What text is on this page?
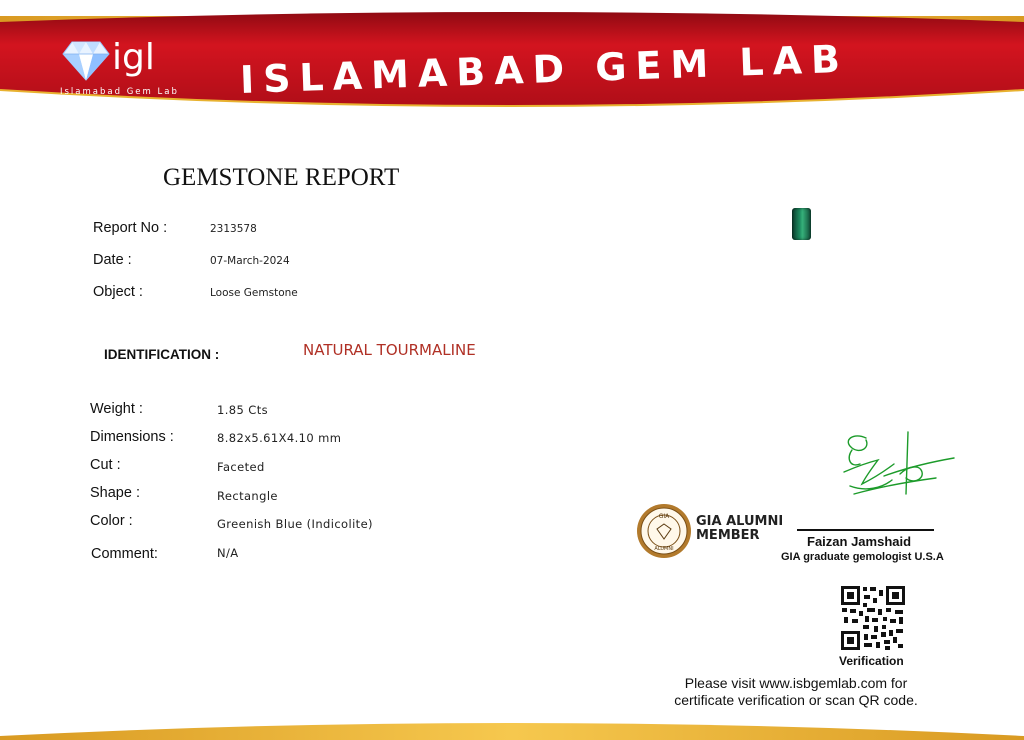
igl
Islamabad Gem Lab ISLAMABAD GEM LAB
GEMSTONE REPORT
Report No :	2313578
Date :	07-March-2024
Object :	Loose Gemstone
IDENTIFICATION :	NATURAL TOURMALINE
Weight :	1.85 Cts
Dimensions :	8.82x5.61X4.10 mm
Cut :	Faceted
Shape :	Rectangle
Color :	Greenish Blue (Indicolite)
Comment:	N/A
Faizan Jamshaid
GIA graduate gemologist U.S.A
GIA
ALUMNI
GIA ALUMNI
MEMBER
Verification
Please visit www.isbgemlab.com for certificate verification or scan QR code.
